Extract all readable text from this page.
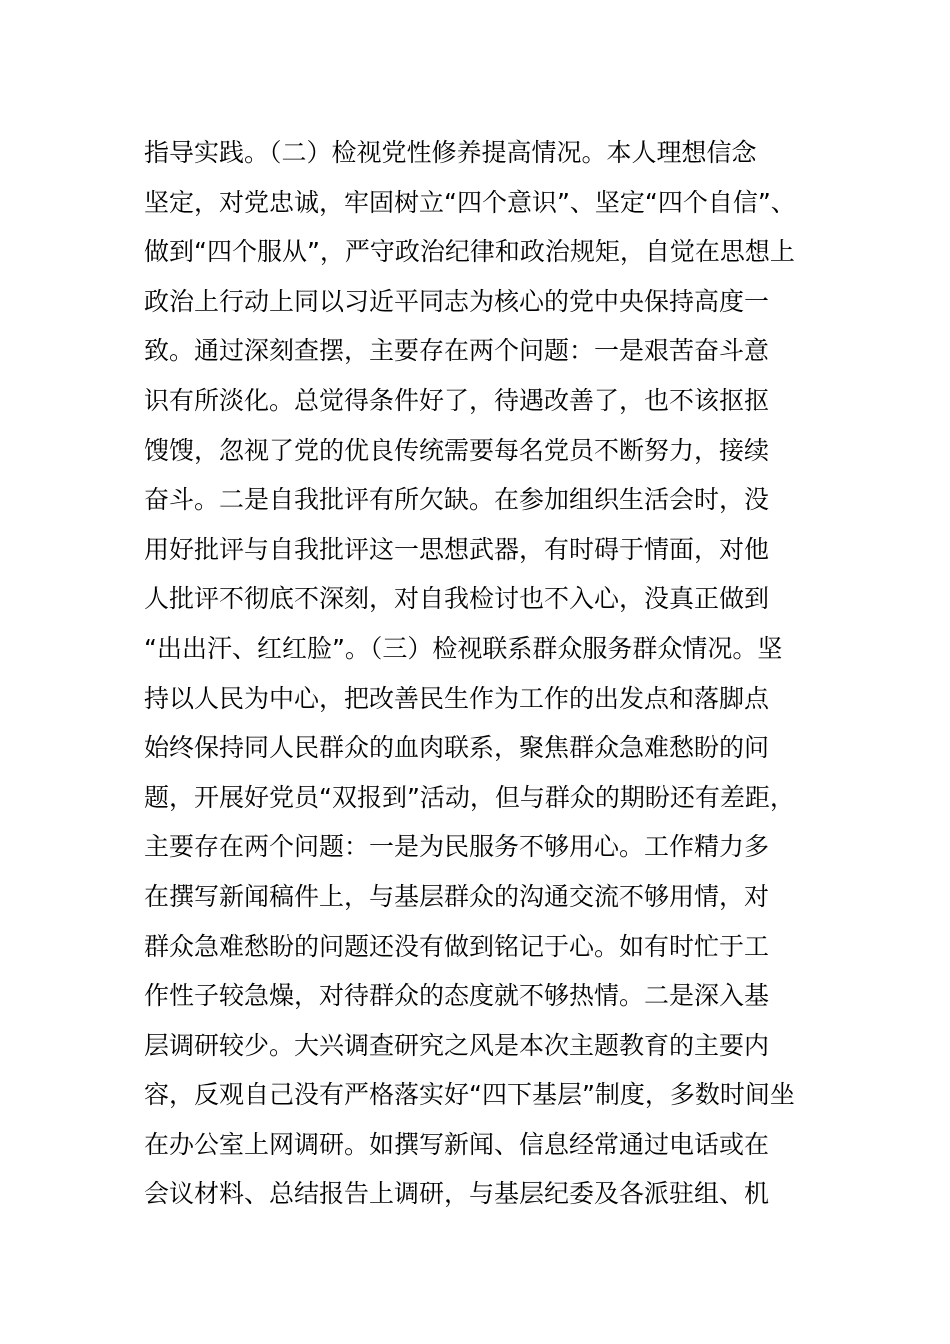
指导实践。（二）检视党性修养提高情况。本人理想信念
坚定，对党忠诚，牢固树立“四个意识”、坚定“四个自信”、
做到“四个服从”，严守政治纪律和政治规矩，自觉在思想上
政治上行动上同以习近平同志为核心的党中央保持高度一
致。通过深刻查摆，主要存在两个问题：一是艰苦奋斗意
识有所淡化。总觉得条件好了，待遇改善了，也不该抠抠
馊馊，忽视了党的优良传统需要每名党员不断努力，接续
奋斗。二是自我批评有所欠缺。在参加组织生活会时，没
用好批评与自我批评这一思想武器，有时碍于情面，对他
人批评不彻底不深刻，对自我检讨也不入心，没真正做到
“出出汗、红红脸”。（三）检视联系群众服务群众情况。坚
持以人民为中心，把改善民生作为工作的出发点和落脚点
始终保持同人民群众的血肉联系，聚焦群众急难愁盼的问
题，开展好党员“双报到”活动，但与群众的期盼还有差距，
主要存在两个问题：一是为民服务不够用心。工作精力多
在撰写新闻稿件上，与基层群众的沟通交流不够用情，对
群众急难愁盼的问题还没有做到铭记于心。如有时忙于工
作性子较急燥，对待群众的态度就不够热情。二是深入基
层调研较少。大兴调查研究之风是本次主题教育的主要内
容，反观自己没有严格落实好“四下基层”制度，多数时间坐
在办公室上网调研。如撰写新闻、信息经常通过电话或在
会议材料、总结报告上调研，与基层纪委及各派驻组、机
